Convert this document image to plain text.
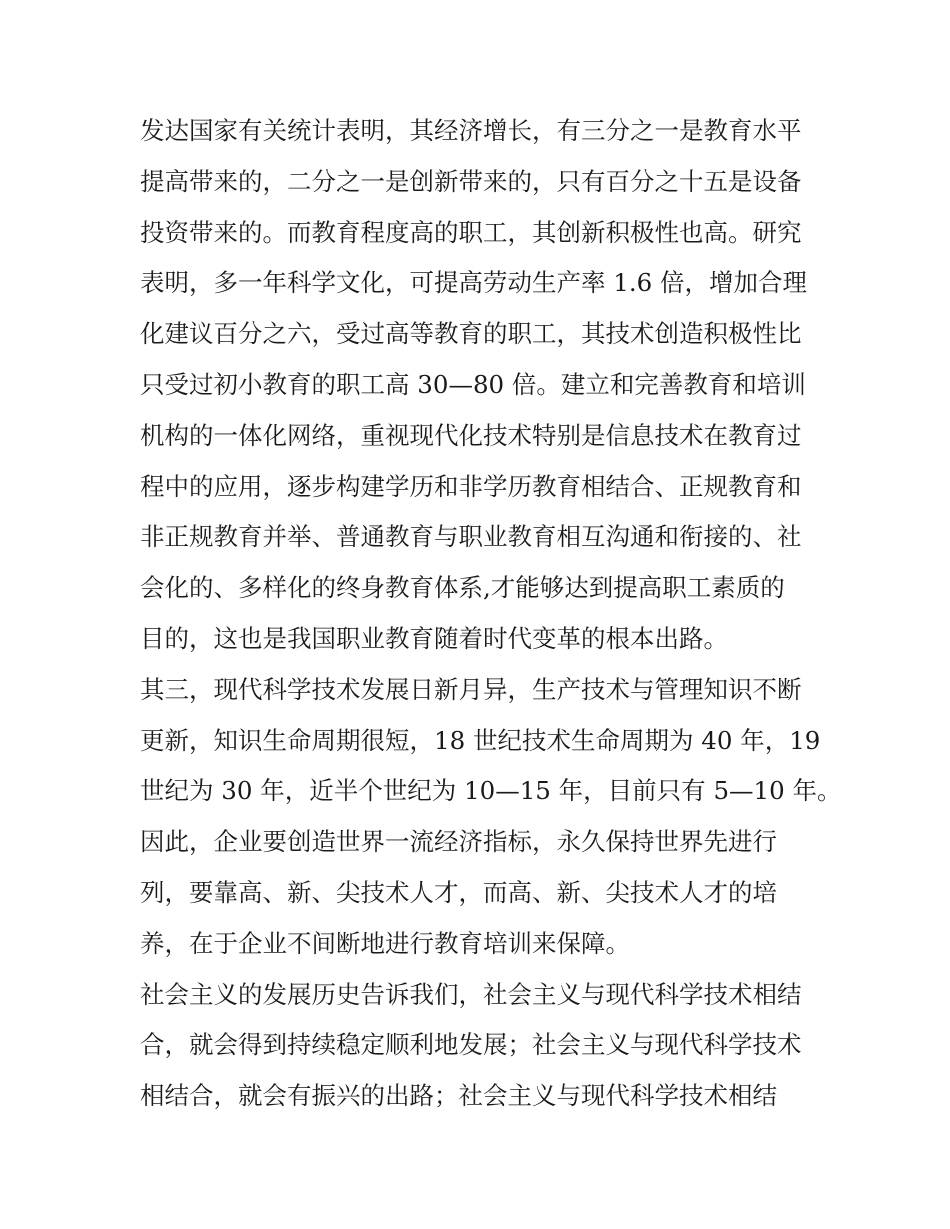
发达国家有关统计表明，其经济增长，有三分之一是教育水平
提高带来的，二分之一是创新带来的，只有百分之十五是设备
投资带来的。而教育程度高的职工，其创新积极性也高。研究
表明，多一年科学文化，可提高劳动生产率 1.6 倍，增加合理
化建议百分之六，受过高等教育的职工，其技术创造积极性比
只受过初小教育的职工高 30—80 倍。建立和完善教育和培训
机构的一体化网络，重视现代化技术特别是信息技术在教育过
程中的应用，逐步构建学历和非学历教育相结合、正规教育和
非正规教育并举、普通教育与职业教育相互沟通和衔接的、社
会化的、多样化的终身教育体系,才能够达到提高职工素质的
目的，这也是我国职业教育随着时代变革的根本出路。
其三，现代科学技术发展日新月异，生产技术与管理知识不断
更新，知识生命周期很短，18 世纪技术生命周期为 40 年，19
世纪为 30 年，近半个世纪为 10—15 年，目前只有 5—10 年。
因此，企业要创造世界一流经济指标，永久保持世界先进行
列，要靠高、新、尖技术人才，而高、新、尖技术人才的培
养，在于企业不间断地进行教育培训来保障。
社会主义的发展历史告诉我们，社会主义与现代科学技术相结
合，就会得到持续稳定顺利地发展；社会主义与现代科学技术
相结合，就会有振兴的出路；社会主义与现代科学技术相结
